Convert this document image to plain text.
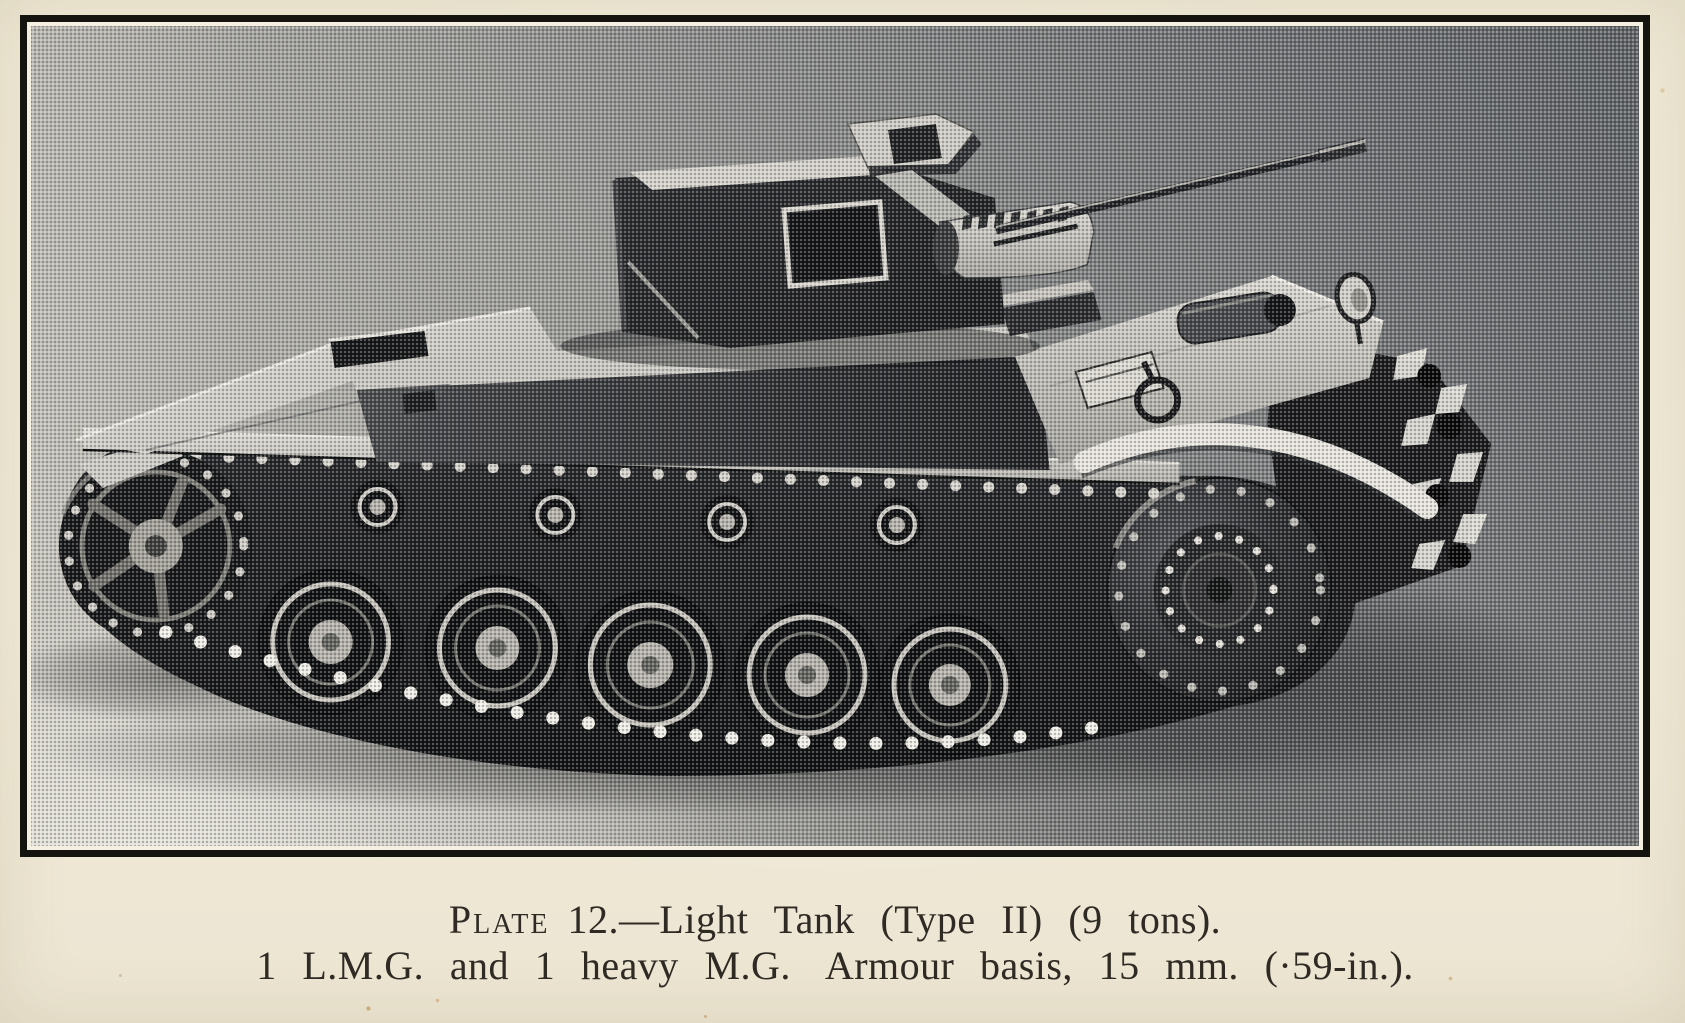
Plate 12.—Light Tank (Type II) (9 tons).
1 L.M.G. and 1 heavy M.G. Armour basis, 15 mm. (·59-in.).
